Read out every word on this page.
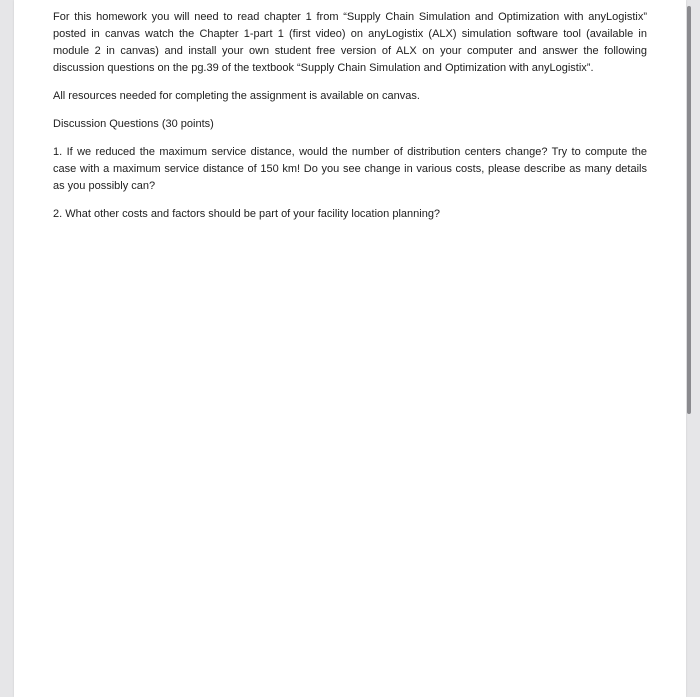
For this homework you will need to read chapter 1 from “Supply Chain Simulation and Optimization with anyLogistix” posted in canvas watch the Chapter 1-part 1 (first video) on anyLogistix (ALX) simulation software tool (available in module 2 in canvas) and install your own student free version of ALX on your computer and answer the following discussion questions on the pg.39 of the textbook “Supply Chain Simulation and Optimization with anyLogistix”.

All resources needed for completing the assignment is available on canvas.

Discussion Questions (30 points)

1. If we reduced the maximum service distance, would the number of distribution centers change? Try to compute the case with a maximum service distance of 150 km! Do you see change in various costs, please describe as many details as you possibly can?

2. What other costs and factors should be part of your facility location planning?
